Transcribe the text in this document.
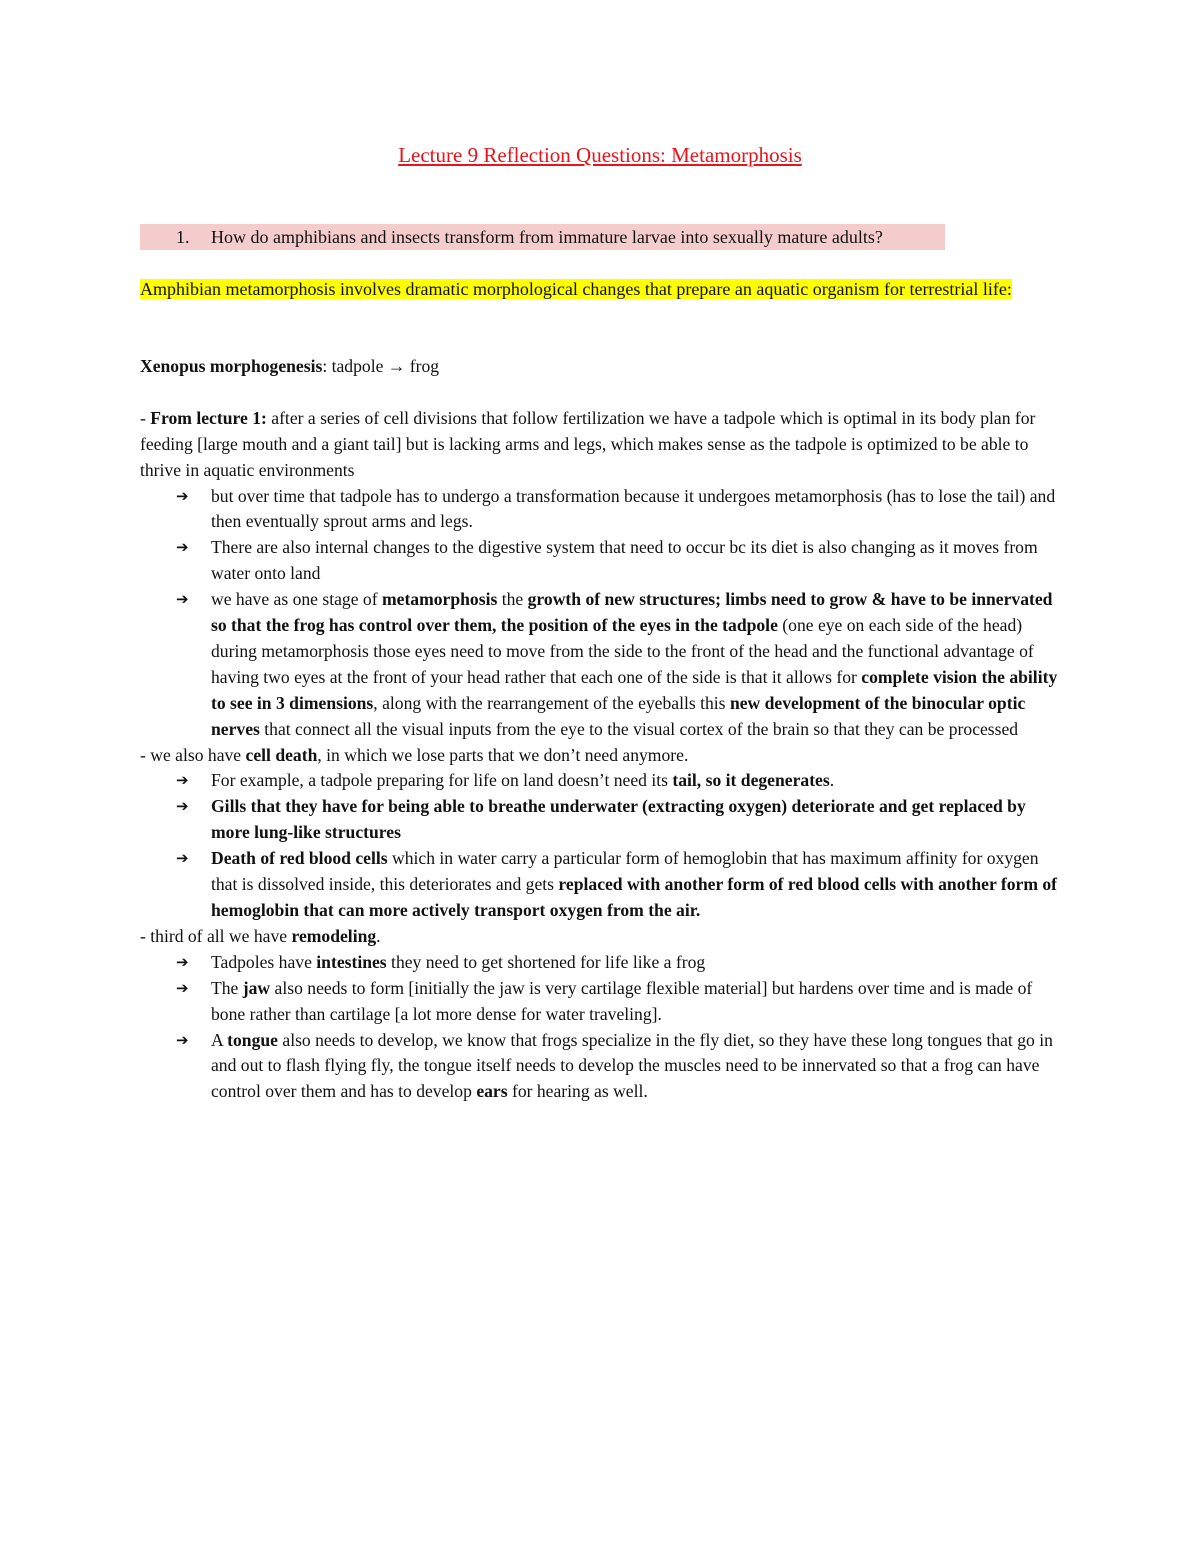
Lecture 9 Reflection Questions: Metamorphosis
1. How do amphibians and insects transform from immature larvae into sexually mature adults?
Amphibian metamorphosis involves dramatic morphological changes that prepare an aquatic organism for terrestrial life:

Xenopus morphogenesis: tadpole → frog

- From lecture 1: after a series of cell divisions that follow fertilization we have a tadpole which is optimal in its body plan for feeding [large mouth and a giant tail] but is lacking arms and legs, which makes sense as the tadpole is optimized to be able to thrive in aquatic environments

➔ but over time that tadpole has to undergo a transformation because it undergoes metamorphosis (has to lose the tail) and then eventually sprout arms and legs.

➔ There are also internal changes to the digestive system that need to occur bc its diet is also changing as it moves from water onto land

➔ we have as one stage of metamorphosis the growth of new structures; limbs need to grow & have to be innervated so that the frog has control over them, the position of the eyes in the tadpole (one eye on each side of the head) during metamorphosis those eyes need to move from the side to the front of the head and the functional advantage of having two eyes at the front of your head rather that each one of the side is that it allows for complete vision the ability to see in 3 dimensions, along with the rearrangement of the eyeballs this new development of the binocular optic nerves that connect all the visual inputs from the eye to the visual cortex of the brain so that they can be processed

- we also have cell death, in which we lose parts that we don’t need anymore.

➔ For example, a tadpole preparing for life on land doesn’t need its tail, so it degenerates.

➔ Gills that they have for being able to breathe underwater (extracting oxygen) deteriorate and get replaced by more lung-like structures

➔ Death of red blood cells which in water carry a particular form of hemoglobin that has maximum affinity for oxygen that is dissolved inside, this deteriorates and gets replaced with another form of red blood cells with another form of hemoglobin that can more actively transport oxygen from the air.

- third of all we have remodeling.

➔ Tadpoles have intestines they need to get shortened for life like a frog

➔ The jaw also needs to form [initially the jaw is very cartilage flexible material] but hardens over time and is made of bone rather than cartilage [a lot more dense for water traveling].

➔ A tongue also needs to develop, we know that frogs specialize in the fly diet, so they have these long tongues that go in and out to flash flying fly, the tongue itself needs to develop the muscles need to be innervated so that a frog can have control over them and has to develop ears for hearing as well.
